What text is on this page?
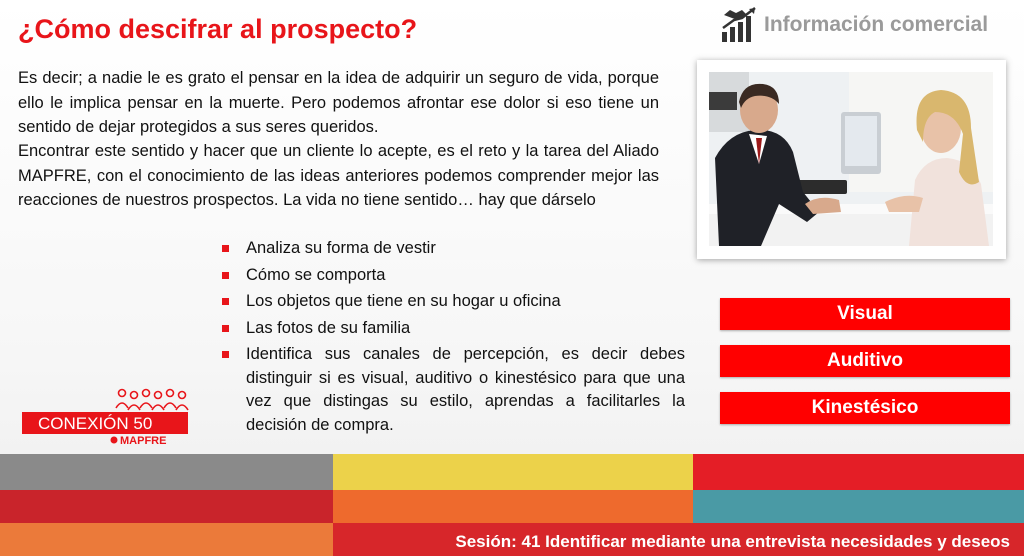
¿Cómo descifrar al prospecto?	Información comercial

Es decir; a nadie le es grato el pensar en la idea de adquirir un seguro de vida, porque ello le implica pensar en la muerte. Pero podemos afrontar ese dolor si eso tiene un sentido de dejar protegidos a sus seres queridos.

Encontrar este sentido y hacer que un cliente lo acepte, es el reto y la tarea del Aliado MAPFRE, con el conocimiento de las ideas anteriores podemos comprender mejor las reacciones de nuestros prospectos. La vida no tiene sentido… hay que dárselo

Analiza su forma de vestir
Cómo se comporta
Los objetos que tiene en su hogar u oficina
Las fotos de su familia
Identifica sus canales de percepción, es decir debes distinguir si es visual, auditivo o kinestésico para que una vez que distingas su estilo, aprendas a facilitarles la decisión de compra.
Visual
Auditivo
Kinestésico
CONEXIÓN 50
MAPFRE
Sesión: 41 Identificar mediante una entrevista necesidades y deseos
